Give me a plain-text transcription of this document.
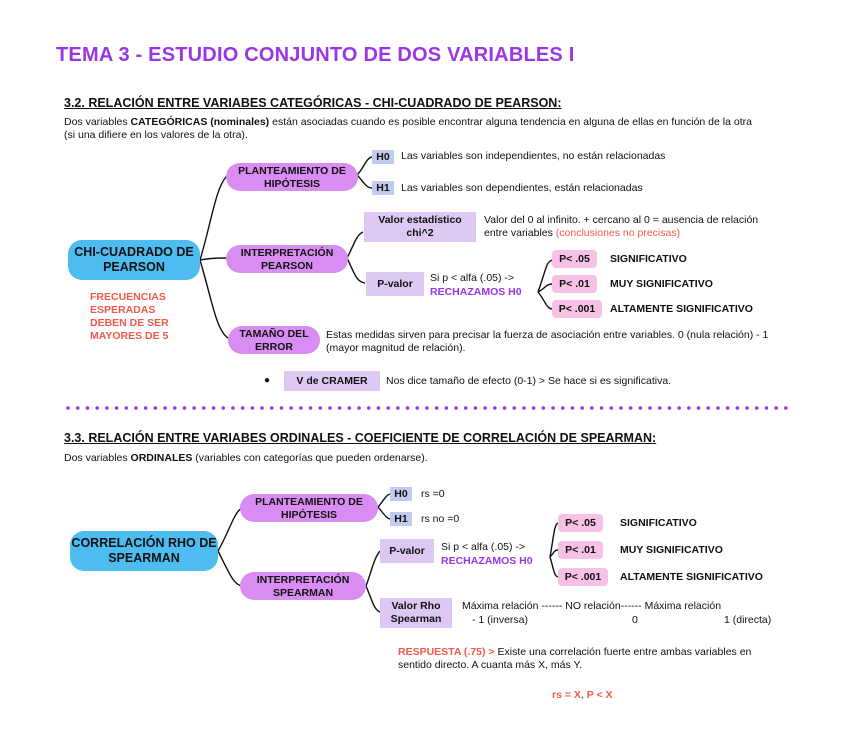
TEMA 3 - ESTUDIO CONJUNTO DE DOS VARIABLES I
3.2. RELACIÓN ENTRE VARIABES CATEGÓRICAS - CHI-CUADRADO DE PEARSON:
Dos variables CATEGÓRICAS (nominales) están asociadas cuando es posible encontrar alguna tendencia en alguna de ellas en función de la otra (si una difiere en los valores de la otra).
CHI-CUADRADO DE PEARSON
FRECUENCIAS ESPERADAS DEBEN DE SER MAYORES DE 5
PLANTEAMIENTO DE HIPÓTESIS
H0	Las variables son independientes, no están relacionadas
H1	Las variables son dependientes, están relacionadas
INTERPRETACIÓN PEARSON
Valor estadístico chi^2
Valor del 0 al infinito. + cercano al 0 = ausencia de relación entre variables (conclusiones no precisas)
P-valor	Si p < alfa (.05) ->
RECHAZAMOS H0
P< .05	SIGNIFICATIVO
P< .01	MUY SIGNIFICATIVO
P< .001	ALTAMENTE SIGNIFICATIVO
TAMAÑO DEL ERROR
Estas medidas sirven para precisar la fuerza de asociación entre variables. 0 (nula relación) - 1 (mayor magnitud de relación).
●	V de CRAMER	Nos dice tamaño de efecto (0-1) > Se hace si es significativa.
3.3. RELACIÓN ENTRE VARIABES ORDINALES - COEFICIENTE DE CORRELACIÓN DE SPEARMAN:
Dos variables ORDINALES (variables con categorías que pueden ordenarse).
CORRELACIÓN RHO DE SPEARMAN
PLANTEAMIENTO DE HIPÓTESIS
H0	rs =0
H1	rs no =0
INTERPRETACIÓN SPEARMAN
P-valor	Si p < alfa (.05) ->
RECHAZAMOS H0
P< .05	SIGNIFICATIVO
P< .01	MUY SIGNIFICATIVO
P< .001	ALTAMENTE SIGNIFICATIVO
Valor Rho Spearman
Máxima relación ------ NO relación------ Máxima relación
- 1 (inversa)	0	1 (directa)
RESPUESTA (.75) > Existe una correlación fuerte entre ambas variables en sentido directo. A cuanta más X, más Y.
rs = X, P < X
